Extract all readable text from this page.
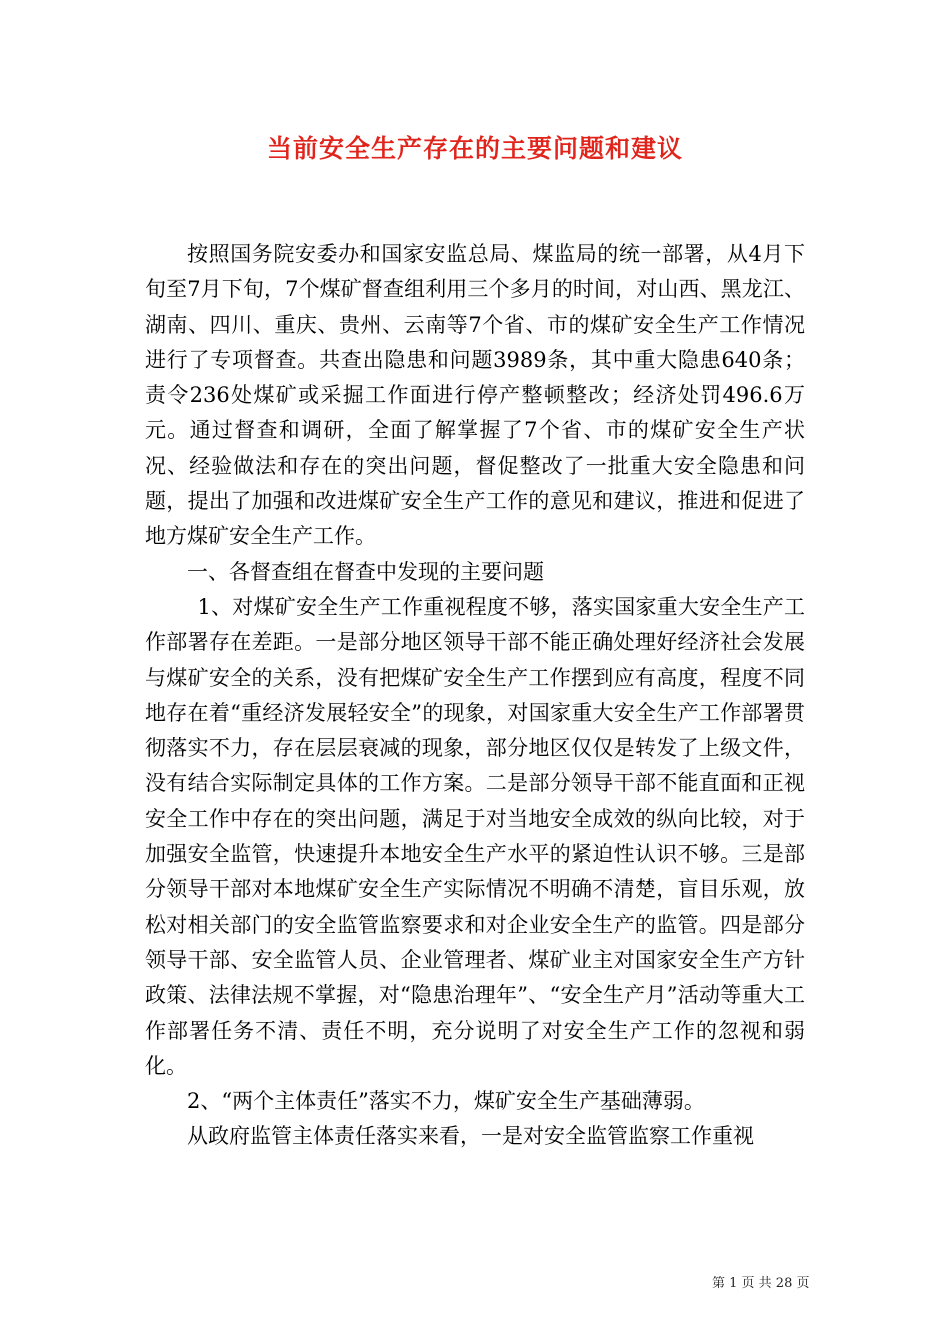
当前安全生产存在的主要问题和建议

按照国务院安委办和国家安监总局、煤监局的统一部署，从4月下旬至7月下旬，7个煤矿督查组利用三个多月的时间，对山西、黑龙江、湖南、四川、重庆、贵州、云南等7个省、市的煤矿安全生产工作情况进行了专项督查。共查出隐患和问题3989条，其中重大隐患640条；责令236处煤矿或采掘工作面进行停产整顿整改；经济处罚496.6万元。通过督查和调研，全面了解掌握了7个省、市的煤矿安全生产状况、经验做法和存在的突出问题，督促整改了一批重大安全隐患和问题，提出了加强和改进煤矿安全生产工作的意见和建议，推进和促进了地方煤矿安全生产工作。

一、各督查组在督查中发现的主要问题

1、对煤矿安全生产工作重视程度不够，落实国家重大安全生产工作部署存在差距。一是部分地区领导干部不能正确处理好经济社会发展与煤矿安全的关系，没有把煤矿安全生产工作摆到应有高度，程度不同地存在着“重经济发展轻安全”的现象，对国家重大安全生产工作部署贯彻落实不力，存在层层衰减的现象，部分地区仅仅是转发了上级文件，没有结合实际制定具体的工作方案。二是部分领导干部不能直面和正视安全工作中存在的突出问题，满足于对当地安全成效的纵向比较，对于加强安全监管，快速提升本地安全生产水平的紧迫性认识不够。三是部分领导干部对本地煤矿安全生产实际情况不明确不清楚，盲目乐观，放松对相关部门的安全监管监察要求和对企业安全生产的监管。四是部分领导干部、安全监管人员、企业管理者、煤矿业主对国家安全生产方针政策、法律法规不掌握，对“隐患治理年”、“安全生产月”活动等重大工作部署任务不清、责任不明，充分说明了对安全生产工作的忽视和弱化。

2、“两个主体责任”落实不力，煤矿安全生产基础薄弱。

从政府监管主体责任落实来看，一是对安全监管监察工作重视

第 1 页 共 28 页
